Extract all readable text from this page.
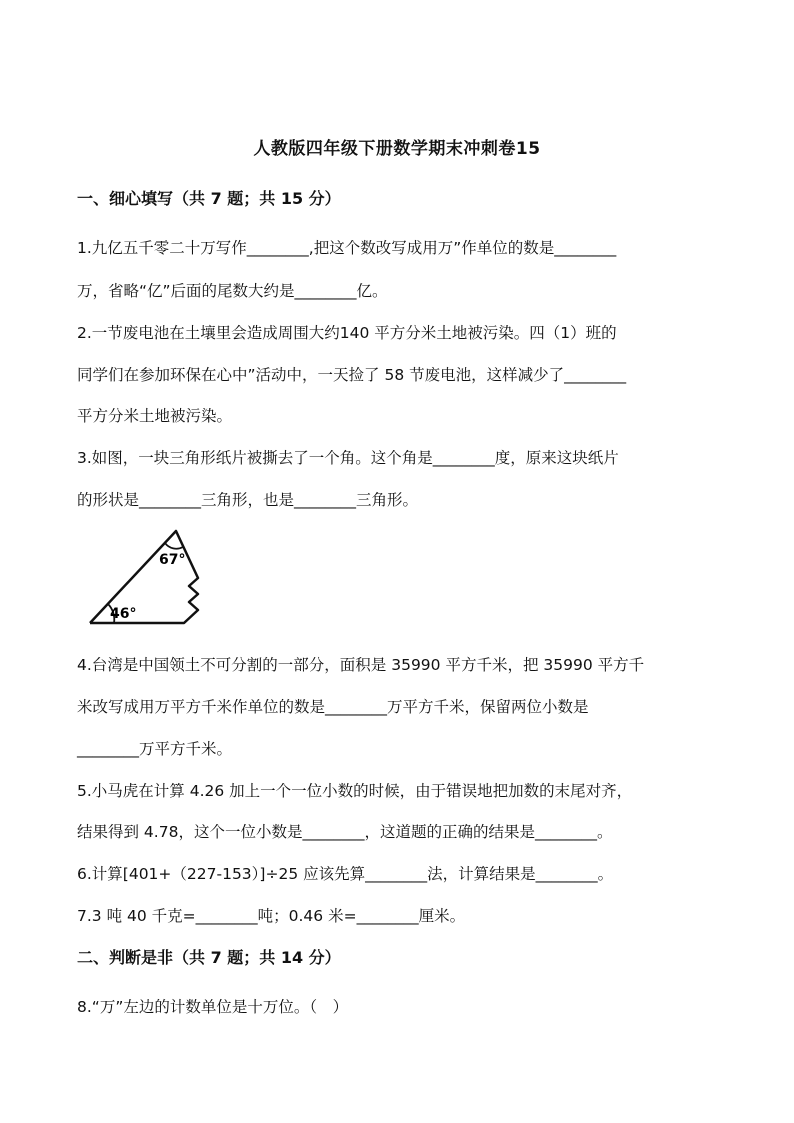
人教版四年级下册数学期末冲刺卷15
一、细心填写（共 7 题；共 15 分）
1.九亿五千零二十万写作________,把这个数改写成用万”作单位的数是________
万，省略“亿”后面的尾数大约是________亿。
2.一节废电池在土壤里会造成周围大约140 平方分米土地被污染。四（1）班的
同学们在参加环保在心中”活动中，一天捡了 58 节废电池，这样减少了________
平方分米土地被污染。
3.如图，一块三角形纸片被撕去了一个角。这个角是________度，原来这块纸片
的形状是________三角形，也是________三角形。
67°
46°
4.台湾是中国领土不可分割的一部分，面积是 35990 平方千米，把 35990 平方千
米改写成用万平方千米作单位的数是________万平方千米，保留两位小数是
________万平方千米。
5.小马虎在计算 4.26 加上一个一位小数的时候，由于错误地把加数的末尾对齐，
结果得到 4.78，这个一位小数是________，这道题的正确的结果是________。
6.计算[401+（227-153）]÷25 应该先算________法，计算结果是________。
7.3 吨 40 千克=________吨；0.46 米=________厘米。
二、判断是非（共 7 题；共 14 分）
8.“万”左边的计数单位是十万位。（　）
